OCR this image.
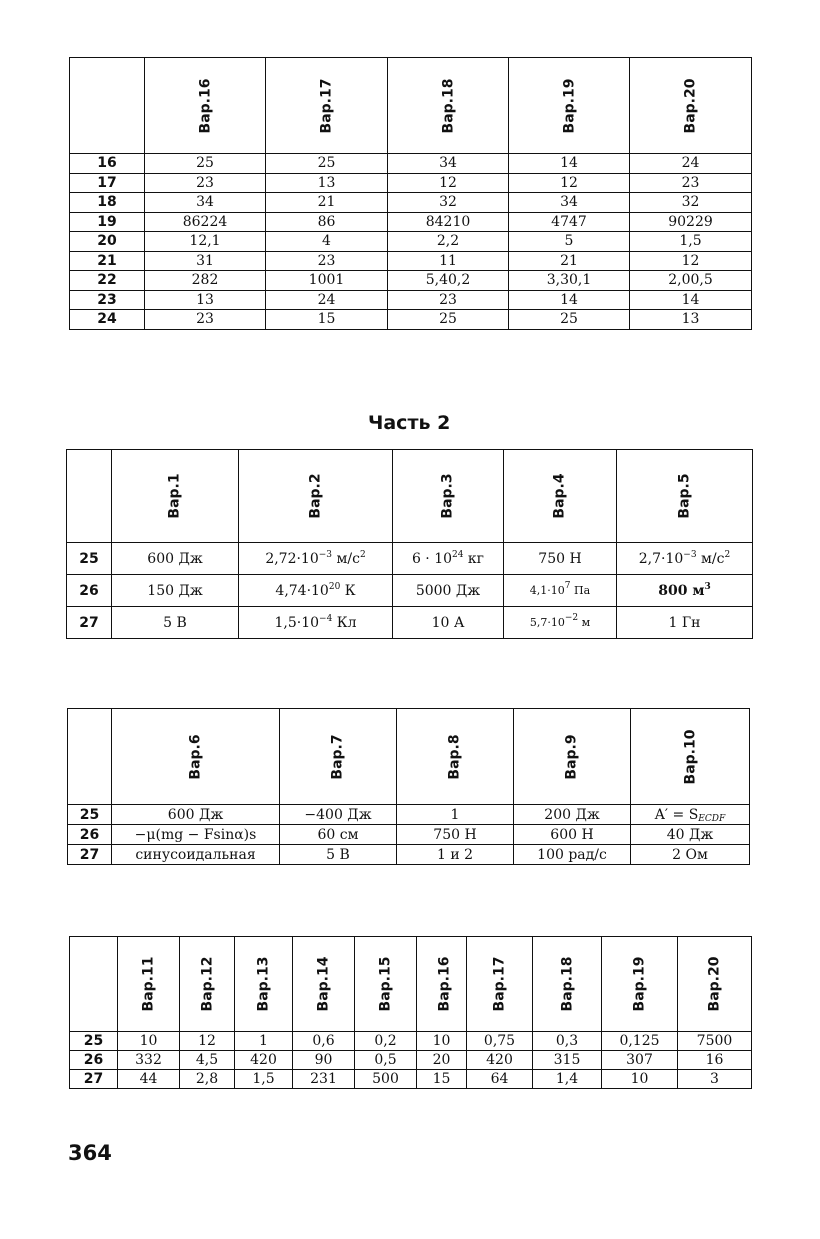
	Вар.16	Вар.17	Вар.18	Вар.19	Вар.20
16	25	25	34	14	24
17	23	13	12	12	23
18	34	21	32	34	32
19	86224	86	84210	4747	90229
20	12,1	4	2,2	5	1,5
21	31	23	11	21	12
22	282	1001	5,40,2	3,30,1	2,00,5
23	13	24	23	14	14
24	23	15	25	25	13
Часть 2
	Вар.1	Вар.2	Вар.3	Вар.4	Вар.5
25	600 Дж	$2,72\cdot 10^{-3}$ $м/с^2$	$6 \cdot 10^{24}$ кг	750 Н	$2,7\cdot 10^{-3}$ $м/с^2$
26	150 Дж	$4,74\cdot 10^{20}$ К	5000 Дж	$4,1\cdot 10^7$ Па	800 $м^3$
27	5 В	$1,5\cdot 10^{-4}$ Кл	10 А	$5,7\cdot 10^{-2}$ м	1 Гн
	Вар.6	Вар.7	Вар.8	Вар.9	Вар.10
25	600 Дж	−400 Дж	1	200 Дж	$A' = S_{ECDF}$
26	−μ(mg − Fsinα)s	60 см	750 Н	600 Н	40 Дж
27	синусоидальная	5 В	1 и 2	100 рад/с	2 Ом
	Вар.11	Вар.12	Вар.13	Вар.14	Вар.15	Вар.16	Вар.17	Вар.18	Вар.19	Вар.20
25	10	12	1	0,6	0,2	10	0,75	0,3	0,125	7500
26	332	4,5	420	90	0,5	20	420	315	307	16
27	44	2,8	1,5	231	500	15	64	1,4	10	3
364
